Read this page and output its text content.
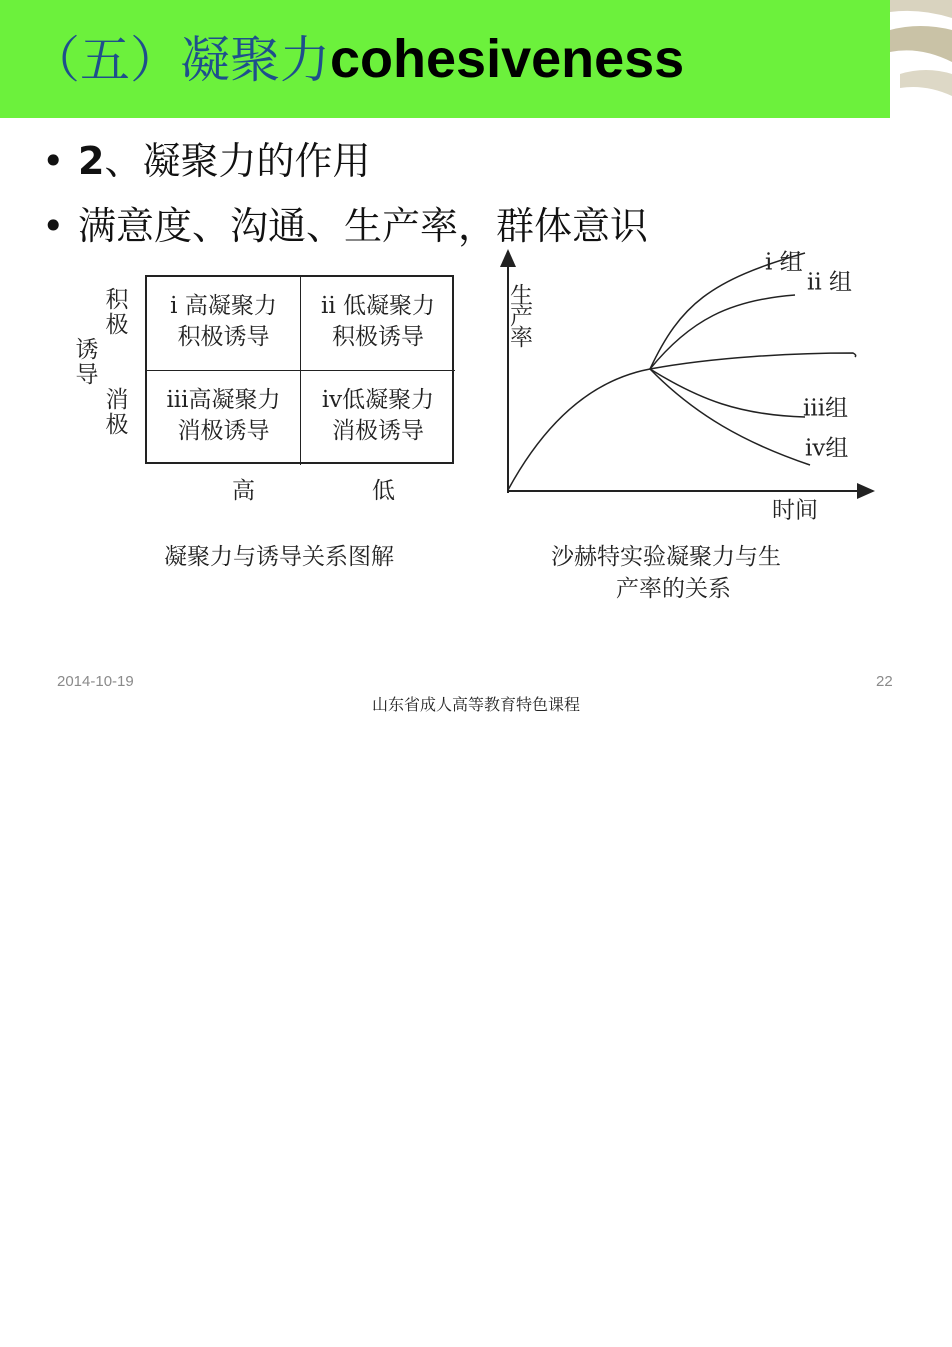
（五）凝聚力cohesiveness
• 2、凝聚力的作用
• 满意度、沟通、生产率，群体意识
积极
诱导
消极
i 高凝聚力
积极诱导
ii 低凝聚力
积极诱导
iii高凝聚力
消极诱导
iv低凝聚力
消极诱导
高	低
凝聚力与诱导关系图解
i 组
ii 组
iii组
iv组
时间
生产率
沙赫特实验凝聚力与生
产率的关系
2014-10-19	22
山东省成人高等教育特色课程
